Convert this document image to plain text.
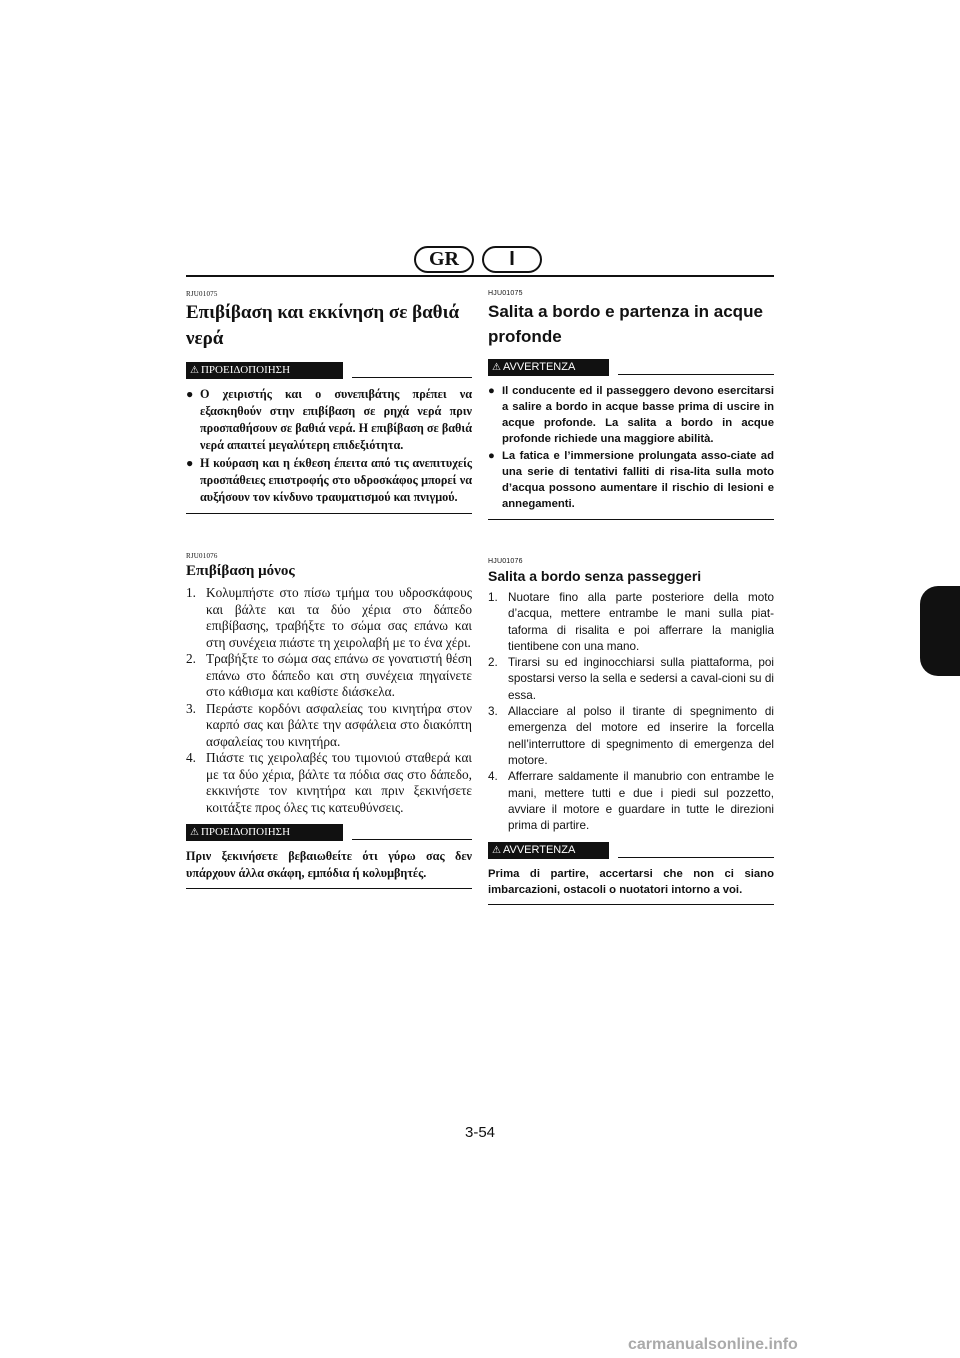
GR	I
RJU01075
Επιβίβαση και εκκίνηση σε βαθιά νερά
⚠ ΠΡΟΕΙΔΟΠΟΙΗΣΗ
● Ο χειριστής και ο συνεπιβάτης πρέπει να εξασκηθούν στην επιβίβαση σε ρηχά νερά πριν προσπαθήσουν σε βαθιά νερά. Η επιβίβαση σε βαθιά νερά απαιτεί μεγαλύτερη επιδεξιότητα.
● Η κούραση και η έκθεση έπειτα από τις ανεπιτυχείς προσπάθειες επιστροφής στο υδροσκάφος μπορεί να αυξήσουν τον κίνδυνο τραυματισμού και πνιγμού.
RJU01076
Επιβίβαση μόνος
1. Κολυμπήστε στο πίσω τμήμα του υδροσκάφους και βάλτε και τα δύο χέρια στο δάπεδο επιβίβασης, τραβήξτε το σώμα σας επάνω και στη συνέχεια πιάστε τη χειρολαβή με το ένα χέρι.
2. Τραβήξτε το σώμα σας επάνω σε γονατιστή θέση επάνω στο δάπεδο και στη συνέχεια πηγαίνετε στο κάθισμα και καθίστε διάσκελα.
3. Περάστε κορδόνι ασφαλείας του κινητήρα στον καρπό σας και βάλτε την ασφάλεια στο διακόπτη ασφαλείας του κινητήρα.
4. Πιάστε τις χειρολαβές του τιμονιού σταθερά και με τα δύο χέρια, βάλτε τα πόδια σας στο δάπεδο, εκκινήστε τον κινητήρα και πριν ξεκινήσετε κοιτάξτε προς όλες τις κατευθύνσεις.
⚠ ΠΡΟΕΙΔΟΠΟΙΗΣΗ

Πριν ξεκινήσετε βεβαιωθείτε ότι γύρω σας δεν υπάρχουν άλλα σκάφη, εμπόδια ή κολυμβητές.

HJU01075
Salita a bordo e partenza in acque profonde
⚠ AVVERTENZA
● Il conducente ed il passeggero devono esercitarsi a salire a bordo in acque basse prima di uscire in acque profonde. La salita a bordo in acque profonde richiede una maggiore abilità.
● La fatica e l’immersione prolungata asso-ciate ad una serie di tentativi falliti di risa-lita sulla moto d’acqua possono aumentare il rischio di lesioni e annegamenti.
HJU01076
Salita a bordo senza passeggeri
1. Nuotare fino alla parte posteriore della moto d’acqua, mettere entrambe le mani sulla piat-taforma di risalita e poi afferrare la maniglia tientibene con una mano.
2. Tirarsi su ed inginocchiarsi sulla piattaforma, poi spostarsi verso la sella e sedersi a caval-cioni su di essa.
3. Allacciare al polso il tirante di spegnimento di emergenza del motore ed inserire la forcella nell’interruttore di spegnimento di emergenza del motore.
4. Afferrare saldamente il manubrio con entrambe le mani, mettere tutti e due i piedi sul pozzetto, avviare il motore e guardare in tutte le direzioni prima di partire.
⚠ AVVERTENZA

Prima di partire, accertarsi che non ci siano imbarcazioni, ostacoli o nuotatori intorno a voi.

3-54
carmanualsonline.info
